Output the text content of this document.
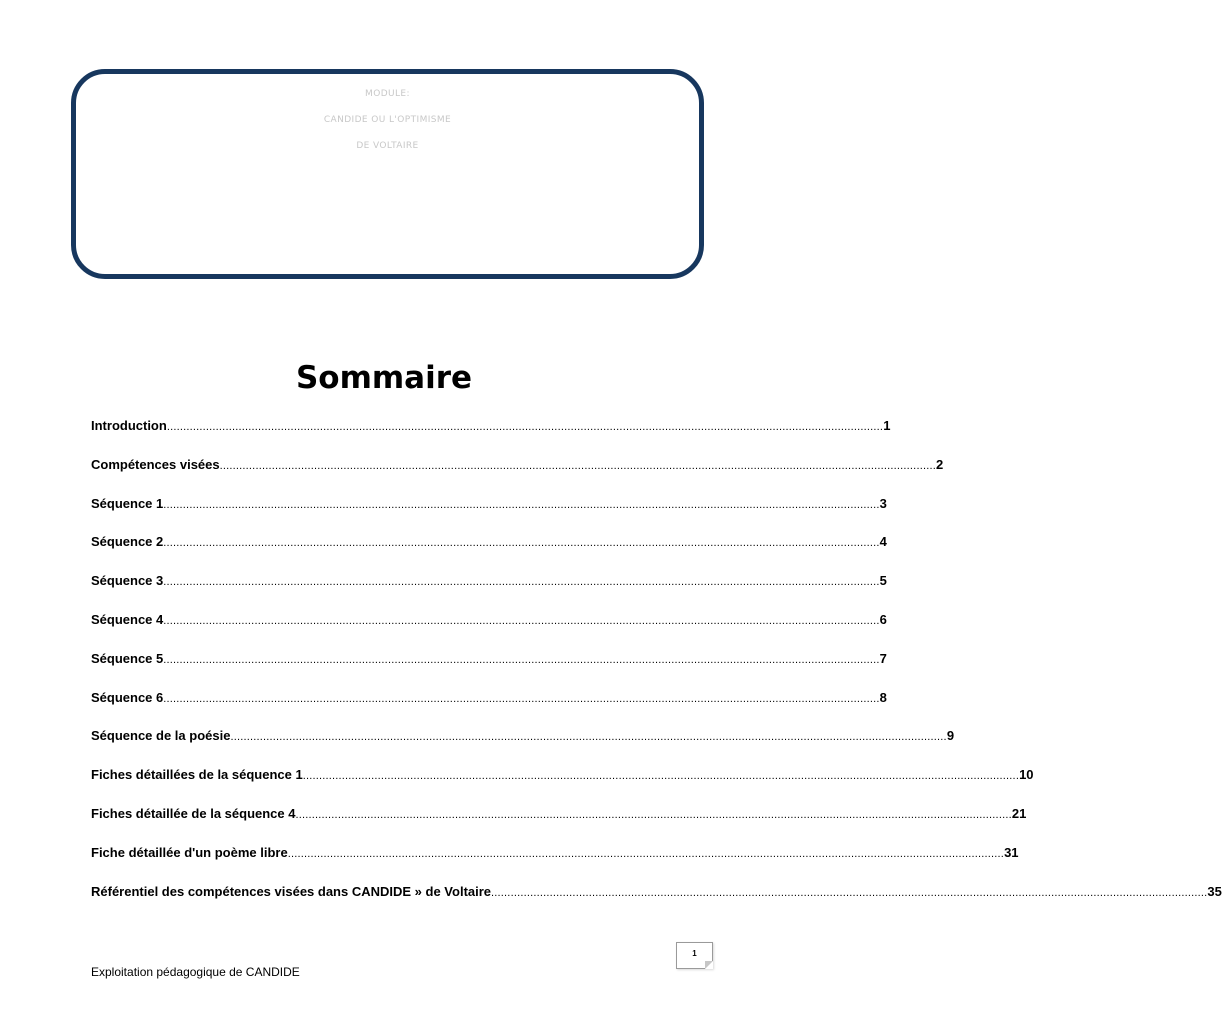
MODULE:
CANDIDE OU L'OPTIMISME
DE VOLTAIRE
Sommaire
Introduction ............................................................................................................................................................................................................................ 1
Compétences visées ............................................................................................................................................................................................................................ 2
Séquence 1 ............................................................................................................................................................................................................................ 3
Séquence 2 ............................................................................................................................................................................................................................ 4
Séquence 3 ............................................................................................................................................................................................................................ 5
Séquence 4 ............................................................................................................................................................................................................................ 6
Séquence 5 ............................................................................................................................................................................................................................ 7
Séquence 6 ............................................................................................................................................................................................................................ 8
Séquence de la poésie ............................................................................................................................................................................................................................ 9
Fiches détaillées de la séquence 1 ............................................................................................................................................................................................................................ 10
Fiches détaillée de la séquence 4 ............................................................................................................................................................................................................................ 21
Fiche détaillée d'un poème libre ............................................................................................................................................................................................................................ 31
Référentiel des compétences visées dans CANDIDE » de Voltaire ............................................................................................................................................................................................................................ 35
1
Exploitation pédagogique de CANDIDE
